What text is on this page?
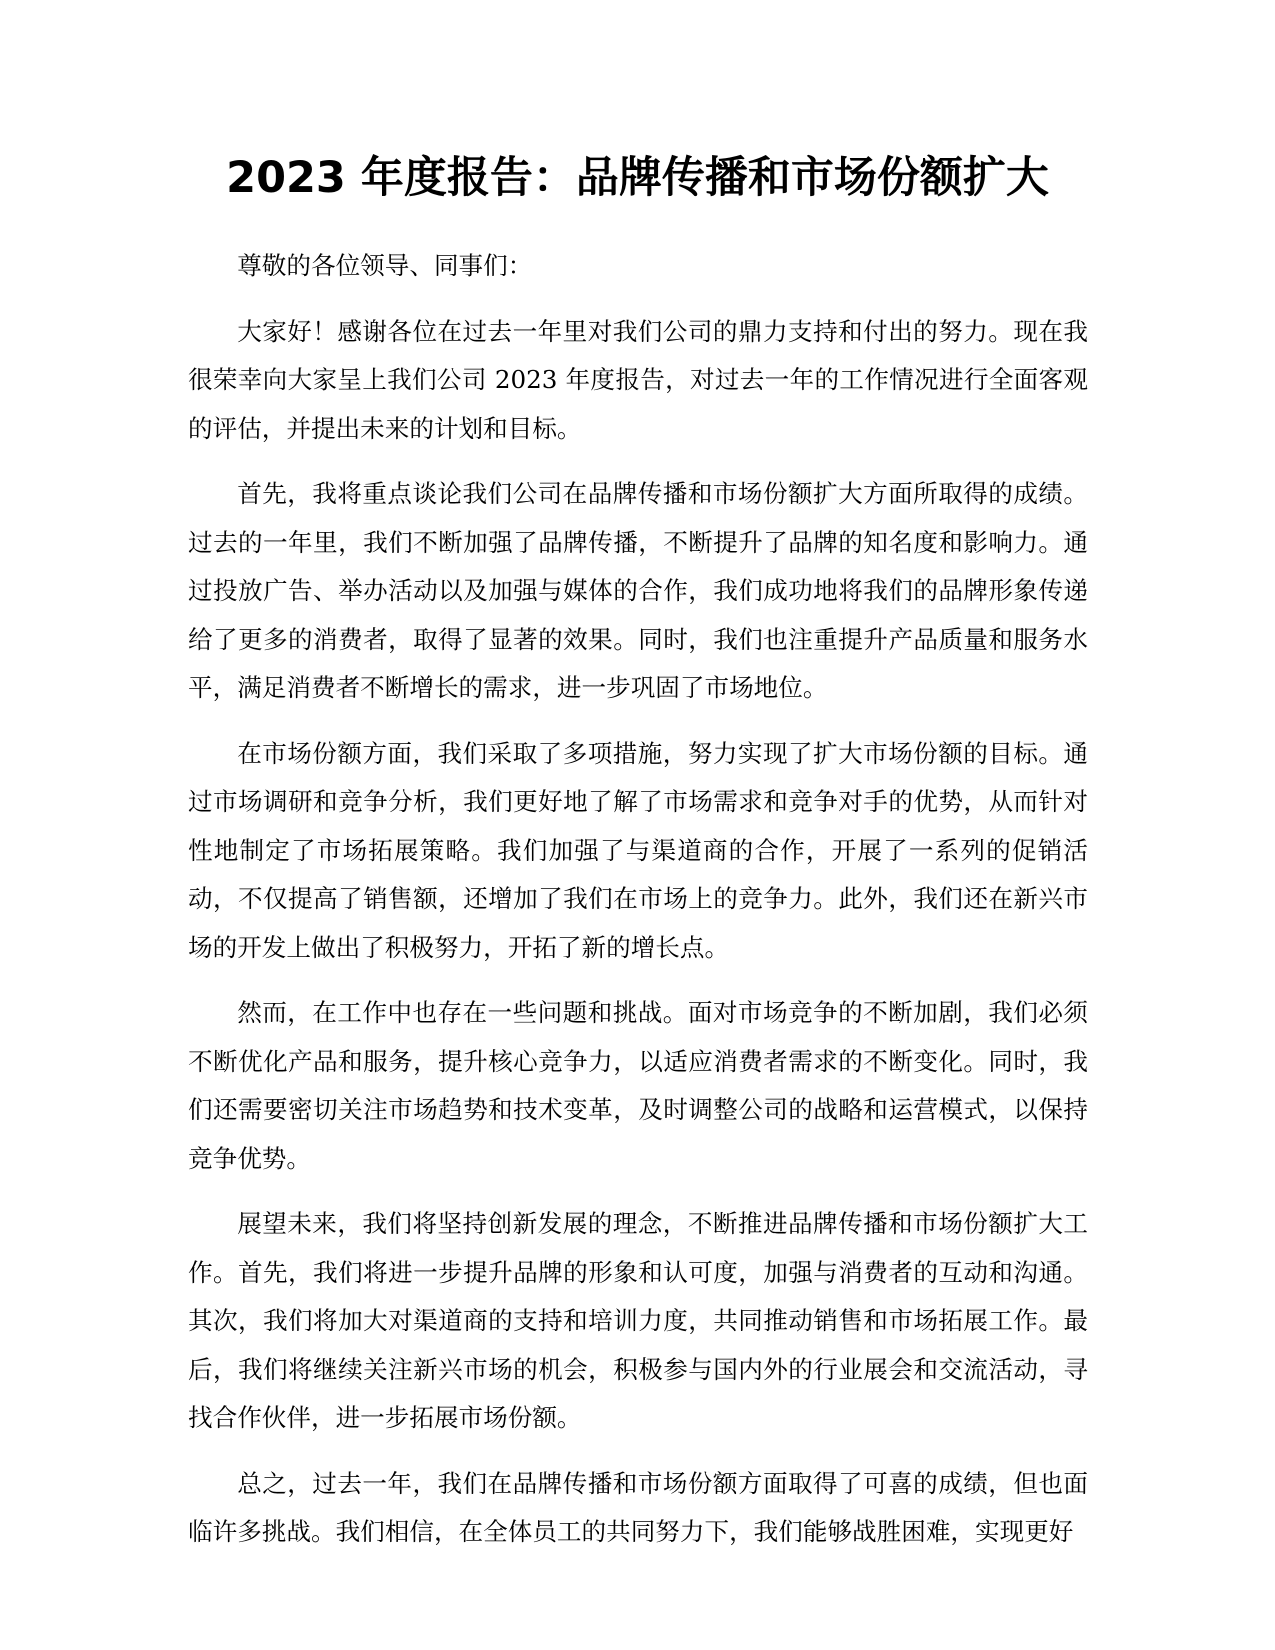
2023 年度报告：品牌传播和市场份额扩大

尊敬的各位领导、同事们：

大家好！感谢各位在过去一年里对我们公司的鼎力支持和付出的努力。现在我很荣幸向大家呈上我们公司 2023 年度报告，对过去一年的工作情况进行全面客观的评估，并提出未来的计划和目标。

首先，我将重点谈论我们公司在品牌传播和市场份额扩大方面所取得的成绩。过去的一年里，我们不断加强了品牌传播，不断提升了品牌的知名度和影响力。通过投放广告、举办活动以及加强与媒体的合作，我们成功地将我们的品牌形象传递给了更多的消费者，取得了显著的效果。同时，我们也注重提升产品质量和服务水平，满足消费者不断增长的需求，进一步巩固了市场地位。

在市场份额方面，我们采取了多项措施，努力实现了扩大市场份额的目标。通过市场调研和竞争分析，我们更好地了解了市场需求和竞争对手的优势，从而针对性地制定了市场拓展策略。我们加强了与渠道商的合作，开展了一系列的促销活动，不仅提高了销售额，还增加了我们在市场上的竞争力。此外，我们还在新兴市场的开发上做出了积极努力，开拓了新的增长点。

然而，在工作中也存在一些问题和挑战。面对市场竞争的不断加剧，我们必须不断优化产品和服务，提升核心竞争力，以适应消费者需求的不断变化。同时，我们还需要密切关注市场趋势和技术变革，及时调整公司的战略和运营模式，以保持竞争优势。

展望未来，我们将坚持创新发展的理念，不断推进品牌传播和市场份额扩大工作。首先，我们将进一步提升品牌的形象和认可度，加强与消费者的互动和沟通。其次，我们将加大对渠道商的支持和培训力度，共同推动销售和市场拓展工作。最后，我们将继续关注新兴市场的机会，积极参与国内外的行业展会和交流活动，寻找合作伙伴，进一步拓展市场份额。

总之，过去一年，我们在品牌传播和市场份额方面取得了可喜的成绩，但也面临许多挑战。我们相信，在全体员工的共同努力下，我们能够战胜困难，实现更好
